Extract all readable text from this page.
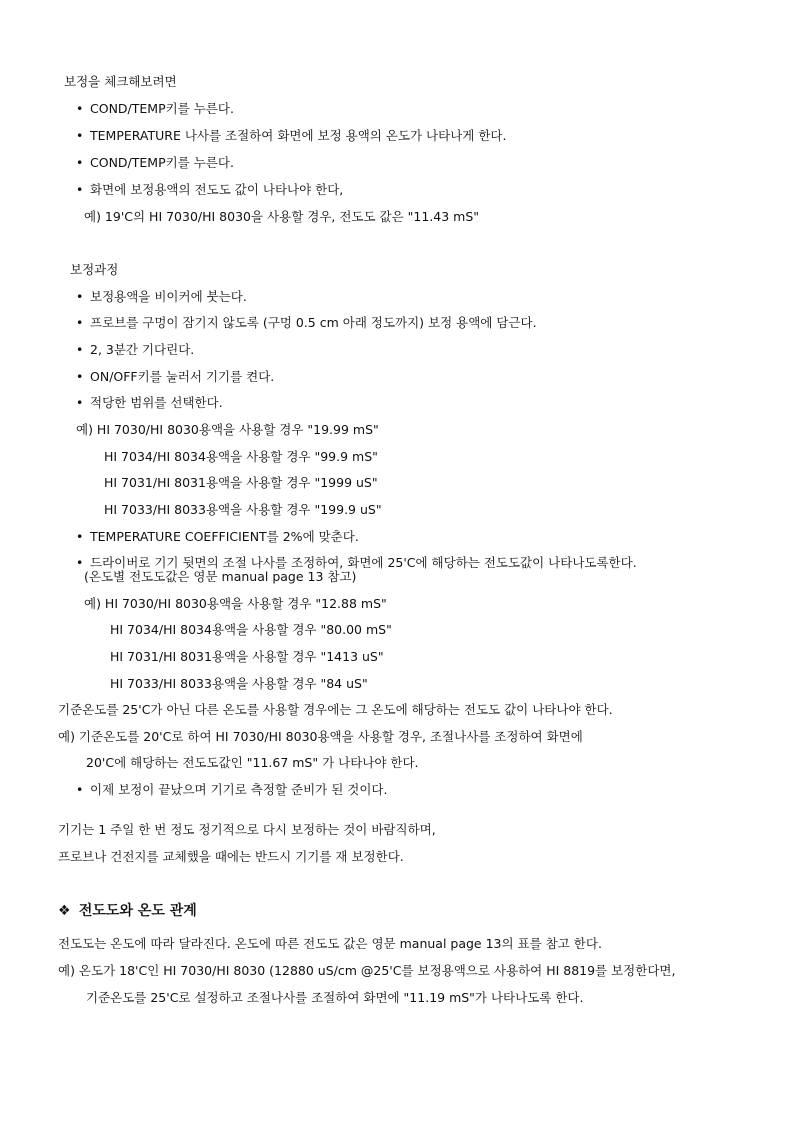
보정을 체크해보려면
• COND/TEMP키를 누른다.
• TEMPERATURE 나사를 조절하여 화면에 보정 용액의 온도가 나타나게 한다.
• COND/TEMP키를 누른다.
• 화면에 보정용액의 전도도 값이 나타나야 한다,
예) 19'C의 HI 7030/HI 8030을 사용할 경우, 전도도 값은 "11.43 mS"
보정과정
• 보정용액을 비이커에 붓는다.
• 프로브를 구멍이 잠기지 않도록 (구멍 0.5 cm 아래 정도까지) 보정 용액에 담근다.
• 2, 3분간 기다린다.
• ON/OFF키를 눌러서 기기를 켠다.
• 적당한 범위를 선택한다.
예) HI 7030/HI 8030용액을 사용할 경우 "19.99 mS"
HI 7034/HI 8034용액을 사용할 경우 "99.9 mS"
HI 7031/HI 8031용액을 사용할 경우 "1999 uS"
HI 7033/HI 8033용액을 사용할 경우 "199.9 uS"
• TEMPERATURE COEFFICIENT를 2%에 맞춘다.
• 드라이버로 기기 뒷면의 조절 나사를 조정하여, 화면에 25'C에 해당하는 전도도값이 나타나도록한다.
(온도별 전도도값은 영문 manual page 13 참고)
예) HI 7030/HI 8030용액을 사용할 경우 "12.88 mS"
HI 7034/HI 8034용액을 사용할 경우 "80.00 mS"
HI 7031/HI 8031용액을 사용할 경우 "1413 uS"
HI 7033/HI 8033용액을 사용할 경우 "84 uS"
기준온도를 25'C가 아닌 다른 온도를 사용할 경우에는 그 온도에 해당하는 전도도 값이 나타나야 한다.
예) 기준온도를 20'C로 하여 HI 7030/HI 8030용액을 사용할 경우, 조절나사를 조정하여 화면에
20'C에 해당하는 전도도값인 "11.67 mS" 가 나타나야 한다.
• 이제 보정이 끝났으며 기기로 측정할 준비가 된 것이다.
기기는 1 주일 한 번 정도 정기적으로 다시 보정하는 것이 바람직하며,
프로브나 건전지를 교체했을 때에는 반드시 기기를 재 보정한다.
❖ 전도도와 온도 관계
전도도는 온도에 따라 달라진다. 온도에 따른 전도도 값은 영문 manual page 13의 표를 참고 한다.
예) 온도가 18'C인 HI 7030/HI 8030 (12880 uS/cm @25'C를 보정용액으로 사용하여 HI 8819를 보정한다면,
기준온도를 25'C로 설정하고 조절나사를 조절하여 화면에 "11.19 mS"가 나타나도록 한다.
